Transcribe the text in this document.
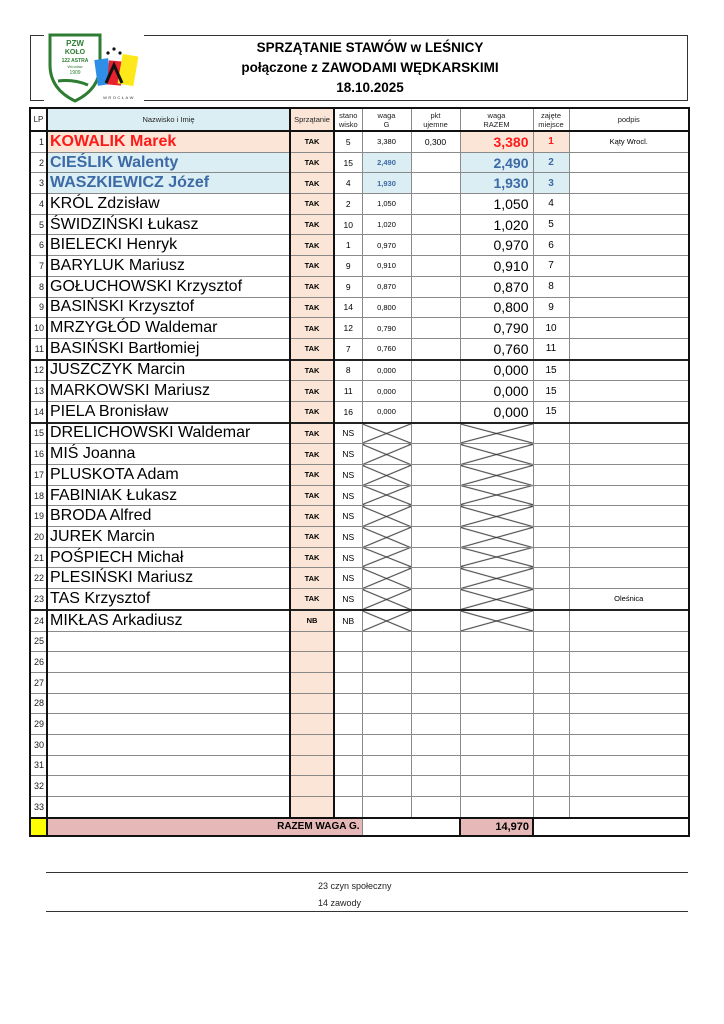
PZW
KOŁO
122 ASTRA
Wrocław
1909
WROCŁAW
SPRZĄTANIE STAWÓW w LEŚNICY
połączone z ZAWODAMI WĘDKARSKIMI
18.10.2025
LP	Nazwisko i Imię	Sprzątanie	stano
wisko	waga
G	pkt
ujemne	waga
RAZEM	zajęte
miejsce	podpis
1	KOWALIK Marek	TAK	5	3,380	0,300	3,380	1	Kąty Wrocl.
2	CIEŚLIK Walenty	TAK	15	2,490		2,490	2	
3	WASZKIEWICZ Józef	TAK	4	1,930		1,930	3	
4	KRÓL Zdzisław	TAK	2	1,050		1,050	4	
5	ŚWIDZIŃSKI Łukasz	TAK	10	1,020		1,020	5	
6	BIELECKI Henryk	TAK	1	0,970		0,970	6	
7	BARYLUK Mariusz	TAK	9	0,910		0,910	7	
8	GOŁUCHOWSKI Krzysztof	TAK	9	0,870		0,870	8	
9	BASIŃSKI Krzysztof	TAK	14	0,800		0,800	9	
10	MRZYGŁÓD Waldemar	TAK	12	0,790		0,790	10	
11	BASIŃSKI Bartłomiej	TAK	7	0,760		0,760	11	
12	JUSZCZYK Marcin	TAK	8	0,000		0,000	15	
13	MARKOWSKI Mariusz	TAK	11	0,000		0,000	15	
14	PIELA Bronisław	TAK	16	0,000		0,000	15	
15	DRELICHOWSKI Waldemar	TAK	NS					
16	MIŚ Joanna	TAK	NS					
17	PLUSKOTA Adam	TAK	NS					
18	FABINIAK Łukasz	TAK	NS					
19	BRODA Alfred	TAK	NS					
20	JUREK Marcin	TAK	NS					
21	POŚPIECH Michał	TAK	NS					
22	PLESIŃSKI Mariusz	TAK	NS					
23	TAS Krzysztof	TAK	NS					Oleśnica
24	MIKŁAS Arkadiusz	NB	NB					
25								
26								
27								
28								
29								
30								
31								
32								
33								
	RAZEM WAGA G.					14,970		
23 czyn społeczny
14 zawody
